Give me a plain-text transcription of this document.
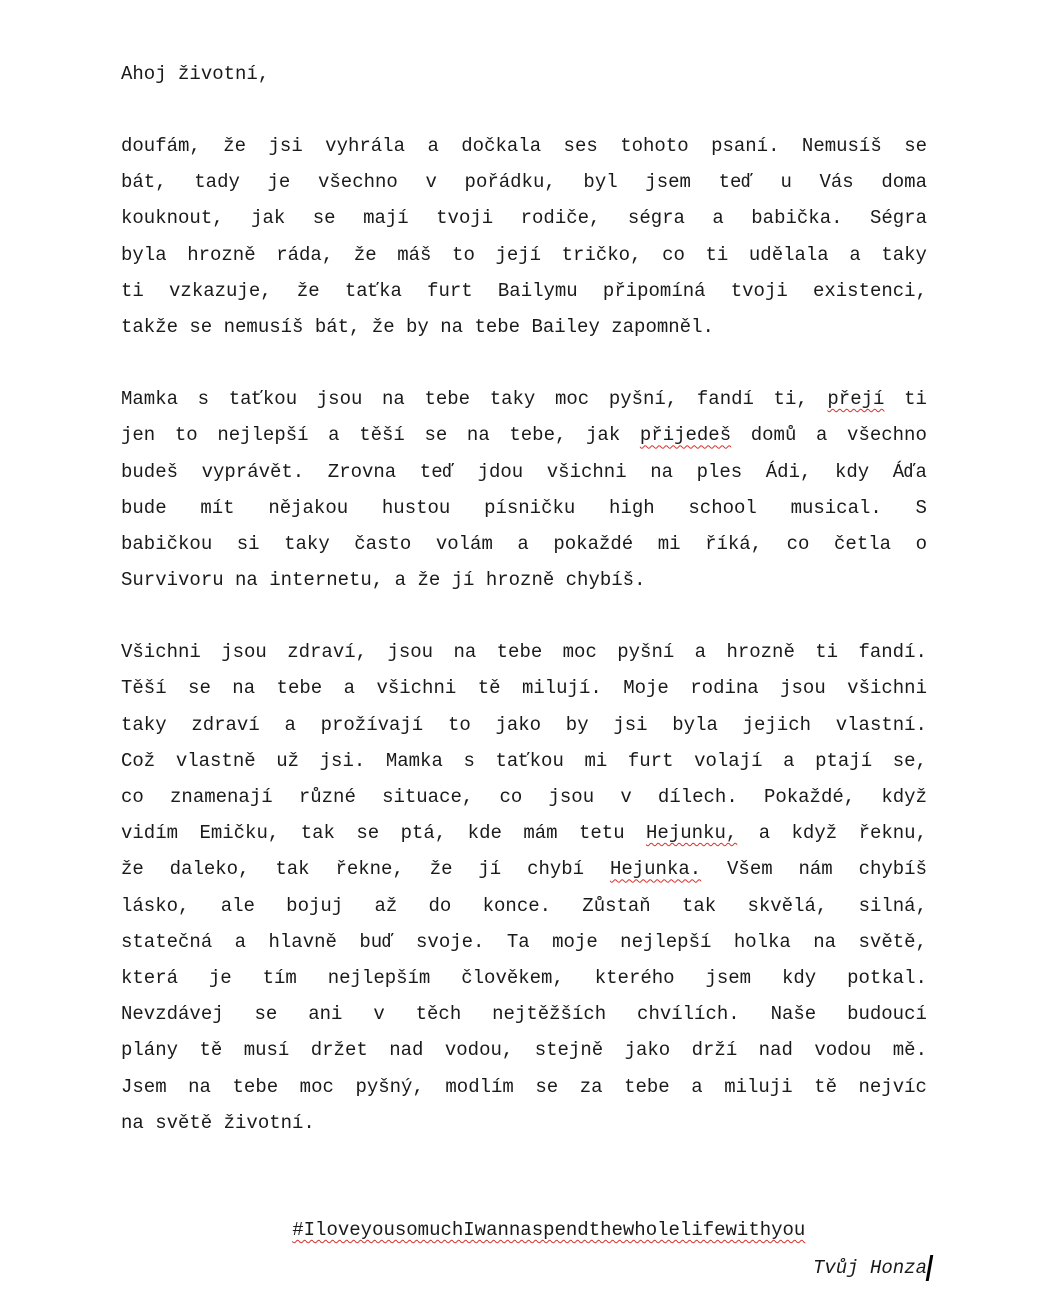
Ahoj životní,
doufám, že jsi vyhrála a dočkala ses tohoto psaní. Nemusíš se
bát, tady je všechno v pořádku, byl jsem teď u Vás doma
kouknout, jak se mají tvoji rodiče, ségra a babička. Ségra
byla hrozně ráda, že máš to její tričko, co ti udělala a taky
ti vzkazuje, že taťka furt Bailymu připomíná tvoji existenci,
takže se nemusíš bát, že by na tebe Bailey zapomněl.
Mamka s taťkou jsou na tebe taky moc pyšní, fandí ti, přejí ti
jen to nejlepší a těší se na tebe, jak přijedeš domů a všechno
budeš vyprávět. Zrovna teď jdou všichni na ples Ádi, kdy Áďa
bude mít nějakou hustou písničku high school musical. S
babičkou si taky často volám a pokaždé mi říká, co četla o
Survivoru na internetu, a že jí hrozně chybíš.
Všichni jsou zdraví, jsou na tebe moc pyšní a hrozně ti fandí.
Těší se na tebe a všichni tě milují. Moje rodina jsou všichni
taky zdraví a prožívají to jako by jsi byla jejich vlastní.
Což vlastně už jsi. Mamka s taťkou mi furt volají a ptají se,
co znamenají různé situace, co jsou v dílech. Pokaždé, když
vidím Emičku, tak se ptá, kde mám tetu Hejunku, a když řeknu,
že daleko, tak řekne, že jí chybí Hejunka. Všem nám chybíš
lásko, ale bojuj až do konce. Zůstaň tak skvělá, silná,
statečná a hlavně buď svoje. Ta moje nejlepší holka na světě,
která je tím nejlepším člověkem, kterého jsem kdy potkal.
Nevzdávej se ani v těch nejtěžších chvílích. Naše budoucí
plány tě musí držet nad vodou, stejně jako drží nad vodou mě.
Jsem na tebe moc pyšný, modlím se za tebe a miluji tě nejvíc
na světě životní.

#IloveyousomuchIwannaspendthewholelifewithyou

Tvůj Honza
